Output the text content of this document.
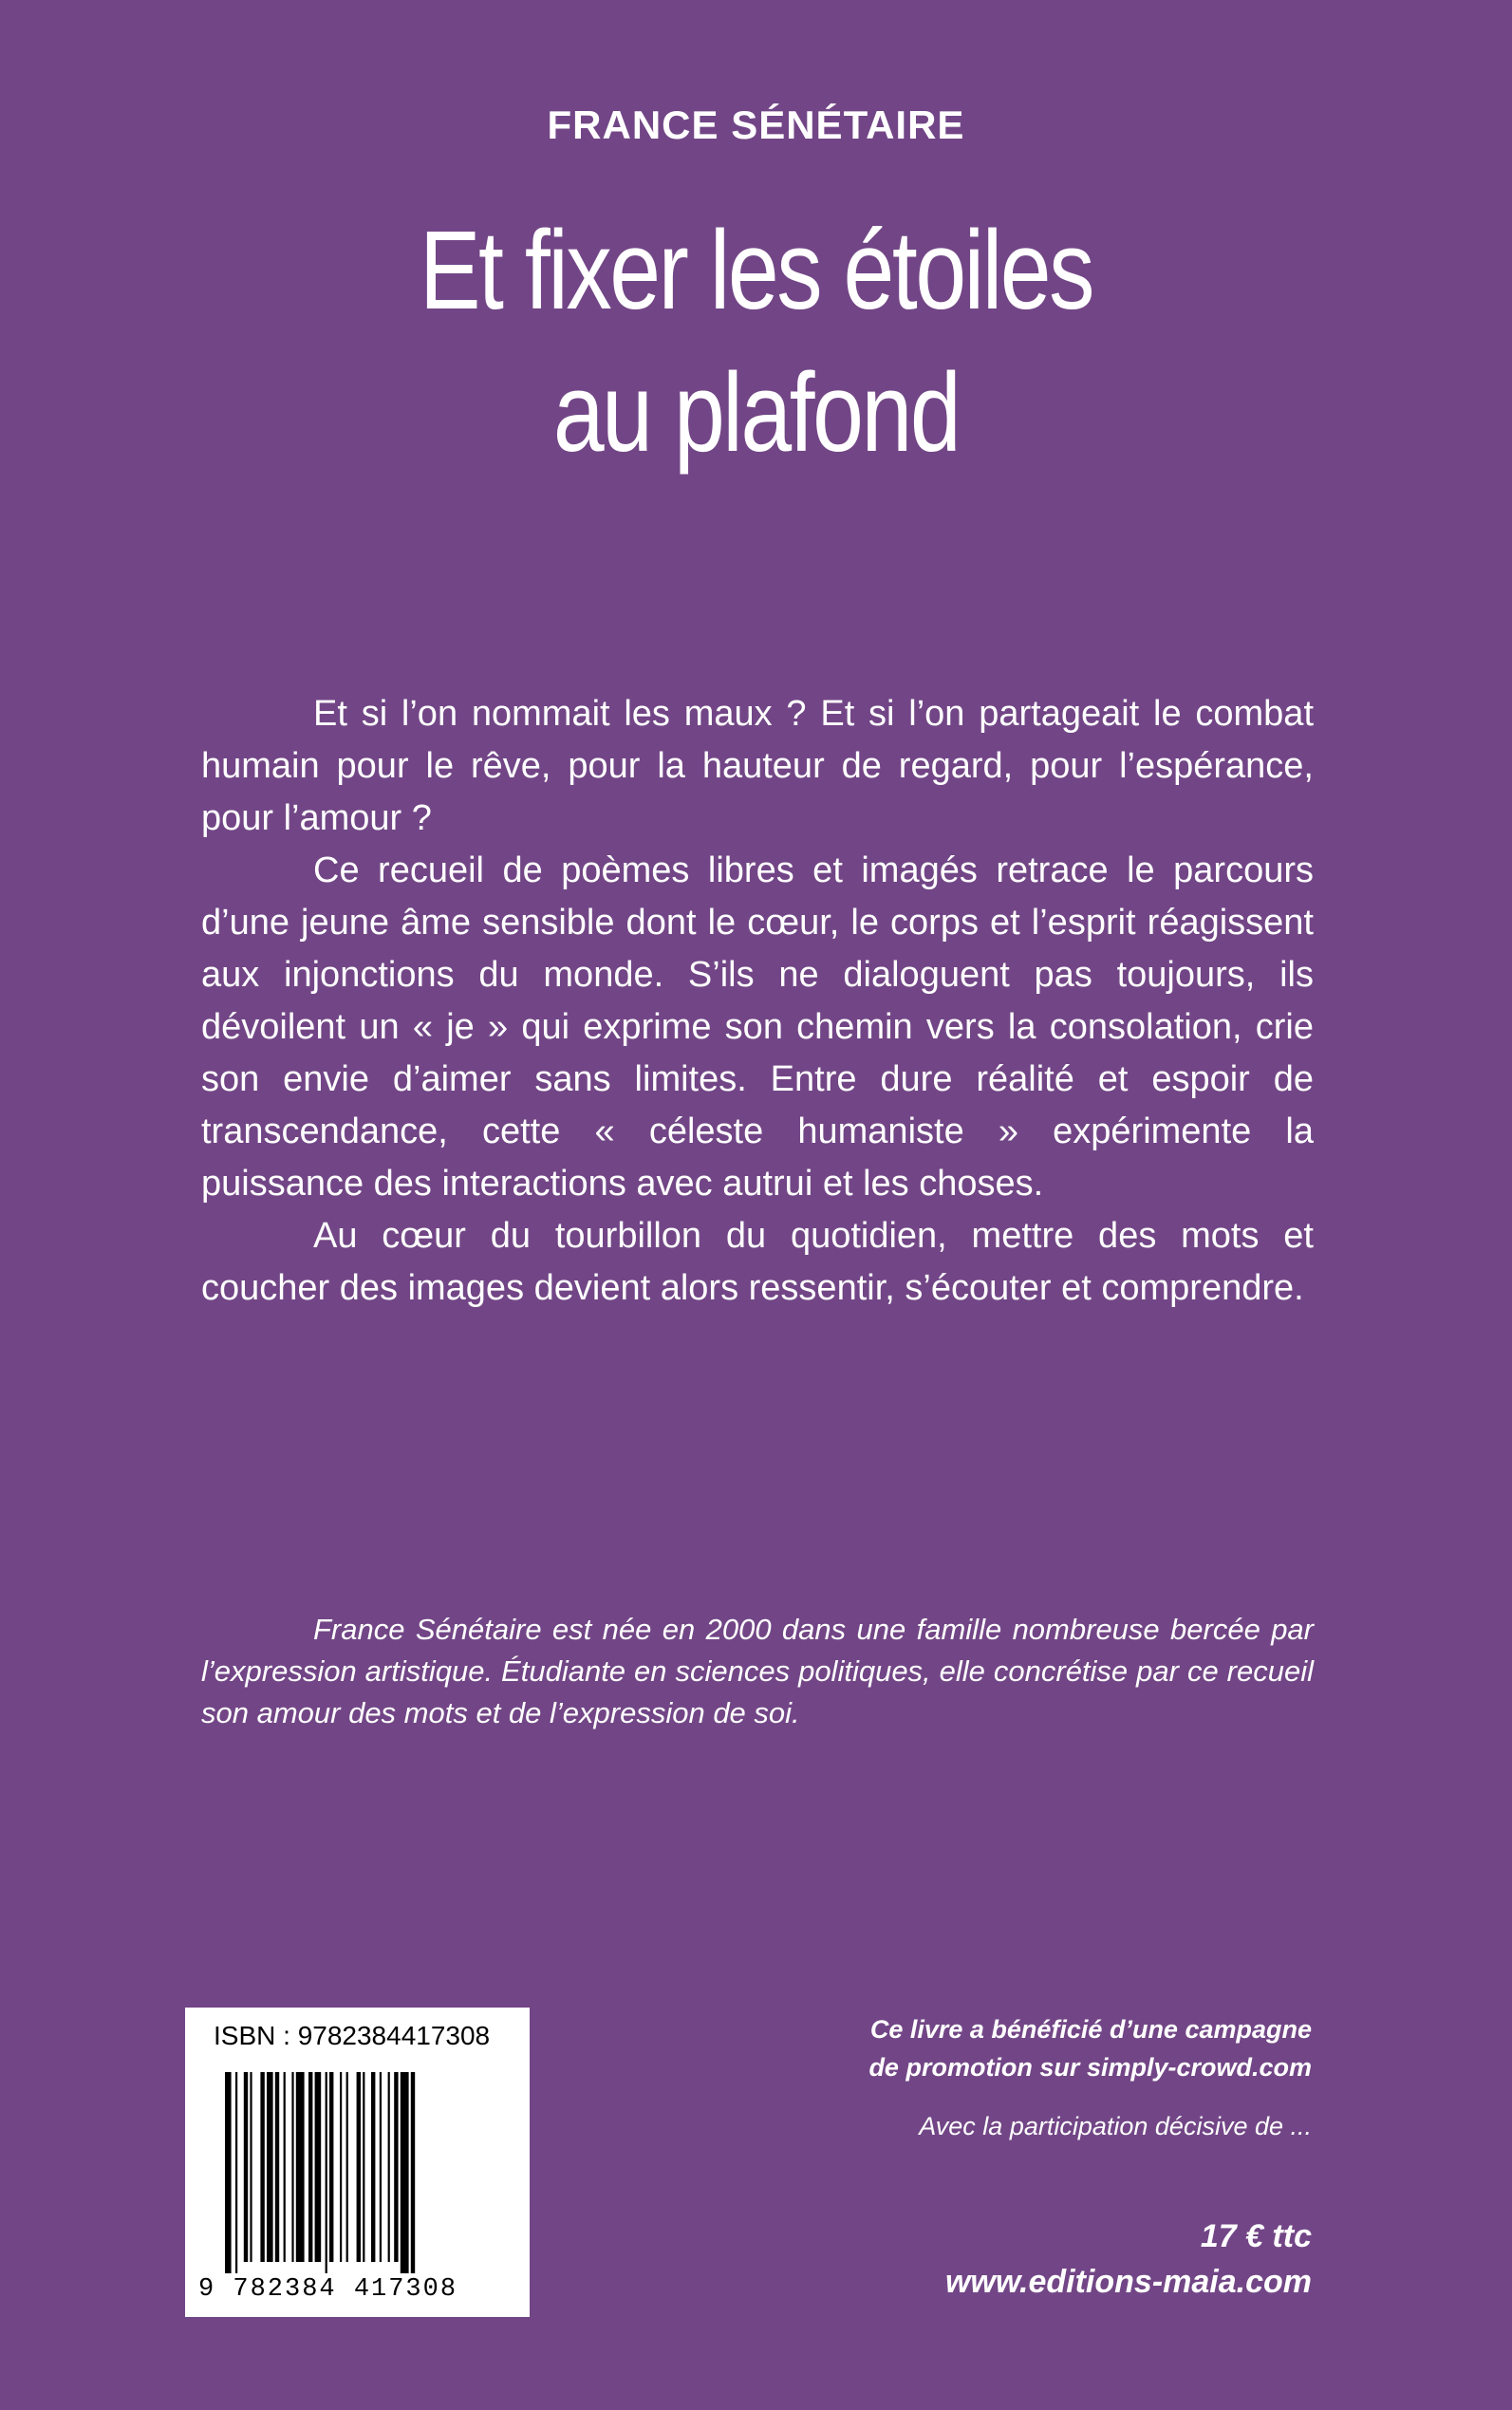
FRANCE SÉNÉTAIRE
Et fixer les étoiles
au plafond

Et si l’on nommait les maux ? Et si l’on partageait le combat humain pour le rêve, pour la hauteur de regard, pour l’espérance, pour l’amour ?

Ce recueil de poèmes libres et imagés retrace le parcours d’une jeune âme sensible dont le cœur, le corps et l’esprit réagissent aux injonctions du monde. S’ils ne dialoguent pas toujours, ils dévoilent un « je » qui exprime son chemin vers la consolation, crie son envie d’aimer sans limites. Entre dure réalité et espoir de transcendance, cette « céleste humaniste » expérimente la puissance des interactions avec autrui et les choses.

Au cœur du tourbillon du quotidien, mettre des mots et coucher des images devient alors ressentir, s’écouter et comprendre.

France Sénétaire est née en 2000 dans une famille nombreuse bercée par l’expression artistique. Étudiante en sciences politiques, elle concrétise par ce recueil son amour des mots et de l’expression de soi.

ISBN : 9782384417308
9 782384 417308
Ce livre a bénéficié d’une campagne
de promotion sur simply-crowd.com
Avec la participation décisive de ...
17 € ttc
www.editions-maia.com
